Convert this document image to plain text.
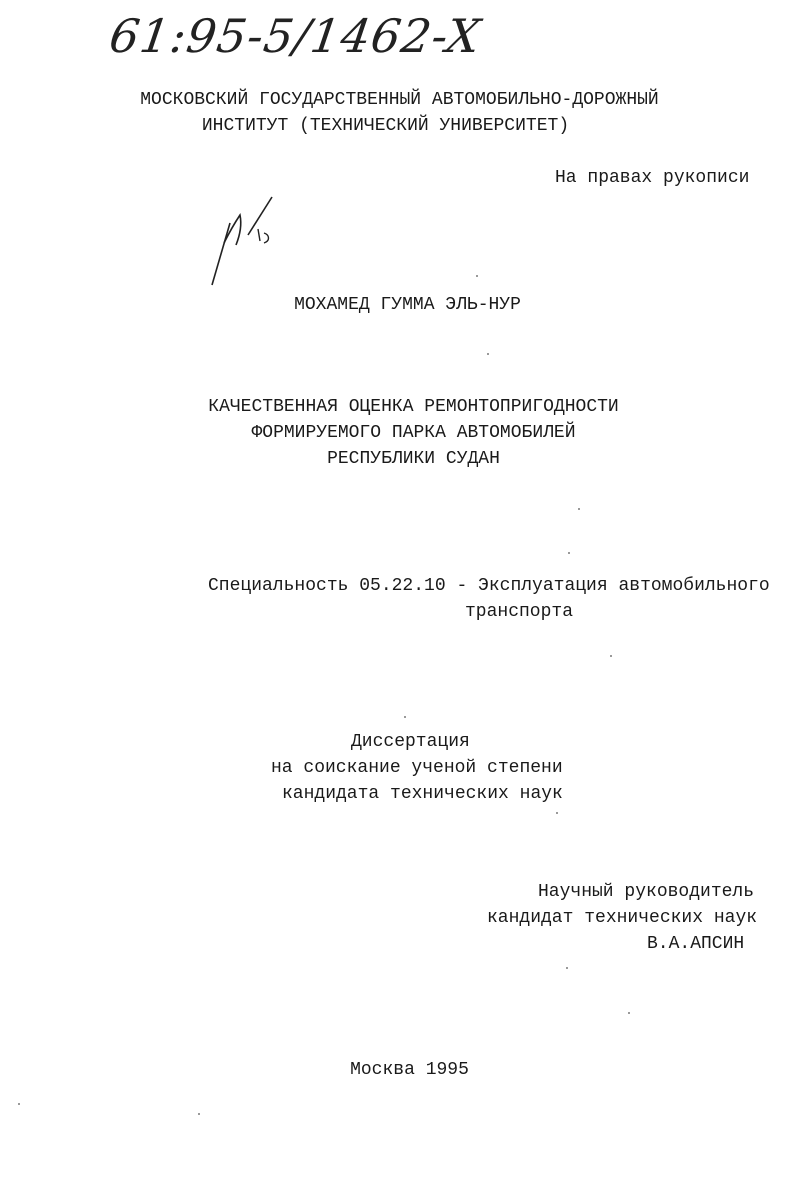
61:95-5/1462-X
МОСКОВСКИЙ ГОСУДАРСТВЕННЫЙ АВТОМОБИЛЬНО-ДОРОЖНЫЙ
ИНСТИТУТ (ТЕХНИЧЕСКИЙ УНИВЕРСИТЕТ)
На правах рукописи
МОХАМЕД ГУММА ЭЛЬ-НУР
КАЧЕСТВЕННАЯ ОЦЕНКА РЕМОНТОПРИГОДНОСТИ
ФОРМИРУЕМОГО ПАРКА АВТОМОБИЛЕЙ
РЕСПУБЛИКИ СУДАН
Специальность 05.22.10 - Эксплуатация автомобильного
транспорта
Диссертация
на соискание ученой степени
кандидата технических наук
Научный руководитель
кандидат технических наук
В.А.АПСИН
Москва 1995
